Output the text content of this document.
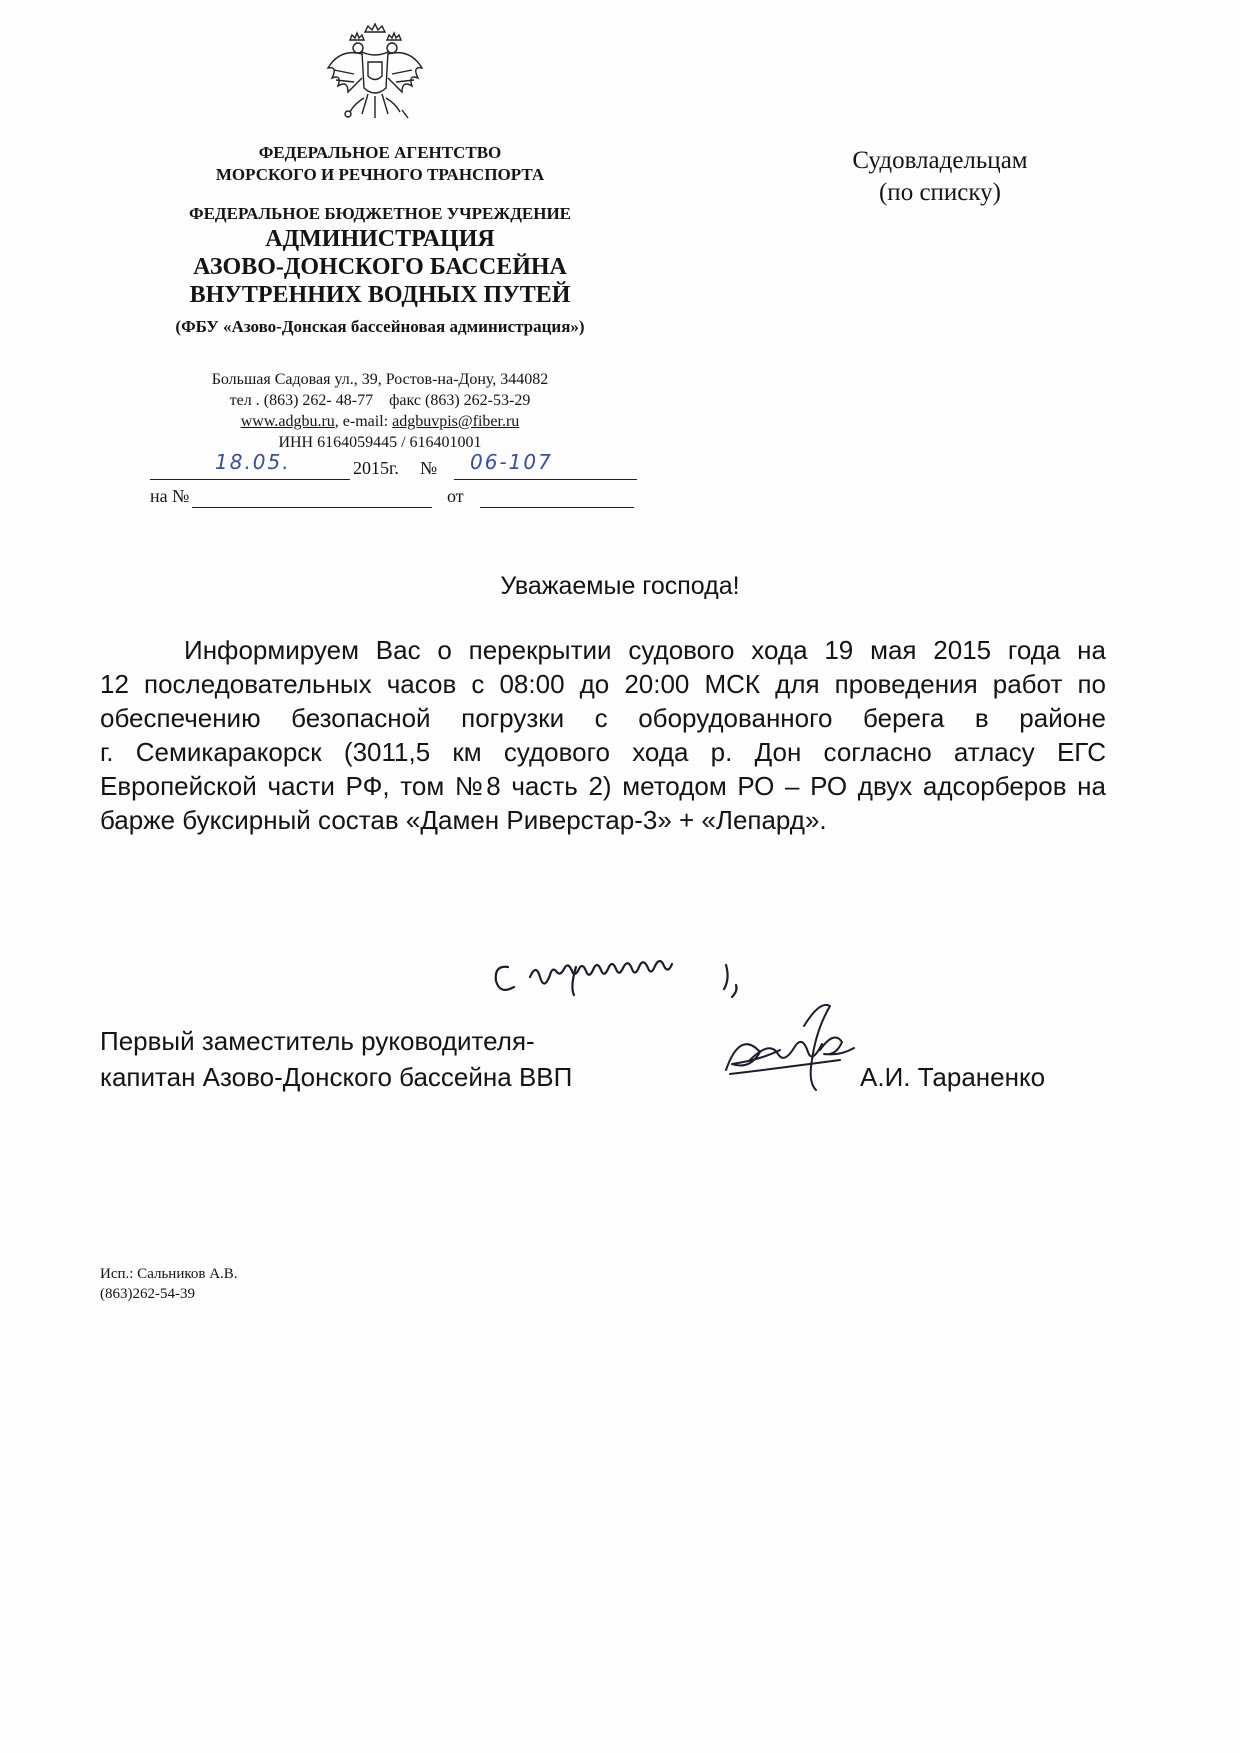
ФЕДЕРАЛЬНОЕ АГЕНТСТВО
МОРСКОГО И РЕЧНОГО ТРАНСПОРТА
ФЕДЕРАЛЬНОЕ БЮДЖЕТНОЕ УЧРЕЖДЕНИЕ
АДМИНИСТРАЦИЯ
АЗОВО-ДОНСКОГО БАССЕЙНА
ВНУТРЕННИХ ВОДНЫХ ПУТЕЙ
(ФБУ «Азово-Донская бассейновая администрация»)
Большая Садовая ул., 39, Ростов-на-Дону, 344082
тел . (863) 262- 48-77 факс (863) 262-53-29
www.adgbu.ru, e-mail: adgbuvpis@fiber.ru
ИНН 6164059445 / 616401001
18.05.	2015г. № 06-107
на №	от
Судовладельцам
(по списку)
Уважаемые господа!
Информируем Вас о перекрытии судового хода 19 мая 2015 года на
12 последовательных часов с 08:00 до 20:00 МСК для проведения работ по
обеспечению безопасной погрузки с оборудованного берега в районе
г. Семикаракорск (3011,5 км судового хода р. Дон согласно атласу ЕГС
Европейской части РФ, том №8 часть 2) методом РО – РО двух адсорберов на
барже буксирный состав «Дамен Риверстар-3» + «Лепард».
Первый заместитель руководителя-
капитан Азово-Донского бассейна ВВП	А.И. Тараненко
Исп.: Сальников А.В.
(863)262-54-39
